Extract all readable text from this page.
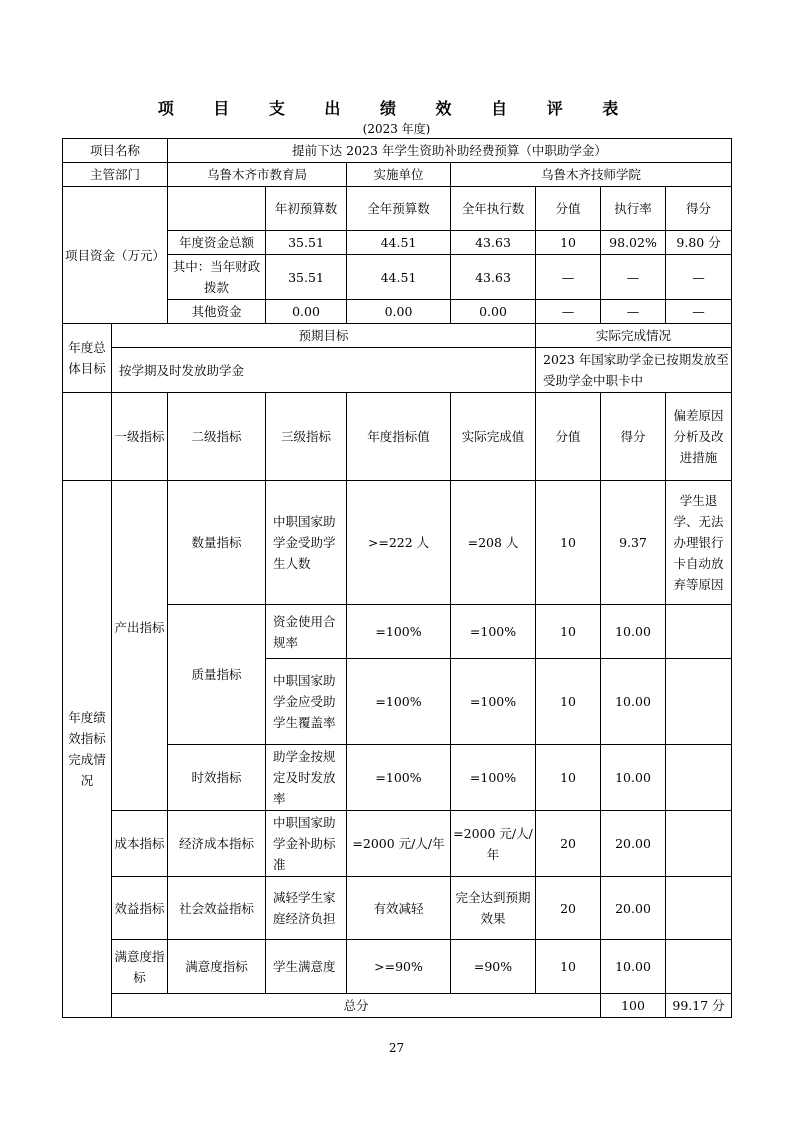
项 目 支 出 绩 效 自 评 表
(2023 年度)
项目名称		提前下达 2023 年学生资助补助经费预算（中职助学金）							
主管部门		乌鲁木齐市教育局		实施单位	乌鲁木齐技师学院				
项目资金（万元）			年初预算数	全年预算数	全年执行数	分值	执行率	得分	
		年度资金总额	35.51	44.51	43.63	10	98.02%	9.80 分	
		其中：当年财政拨款	35.51	44.51	43.63	—	—	—	
		其他资金	0.00	0.00	0.00	—	—	—	
年度总体目标	预期目标					实际完成情况			
	按学期及时发放助学金					2023 年国家助学金已按期发放至受助学金中职卡中			
	一级指标	二级指标	三级指标	年度指标值	实际完成值	分值	得分	偏差原因分析及改进措施	
年度绩效指标完成情况	产出指标	数量指标	中职国家助学金受助学生人数	>=222 人	=208 人	10	9.37	学生退学、无法办理银行卡自动放弃等原因	
		质量指标	资金使用合规率	=100%	=100%	10	10.00		
			中职国家助学金应受助学生覆盖率	=100%	=100%	10	10.00		
		时效指标	助学金按规定及时发放率	=100%	=100%	10	10.00		
	成本指标	经济成本指标	中职国家助学金补助标准	=2000 元/人/年	=2000 元/人/年	20	20.00		
	效益指标	社会效益指标	减轻学生家庭经济负担	有效减轻	完全达到预期效果	20	20.00		
	满意度指标	满意度指标	学生满意度	>=90%	=90%	10	10.00		
	总分						100	99.17 分	
27
